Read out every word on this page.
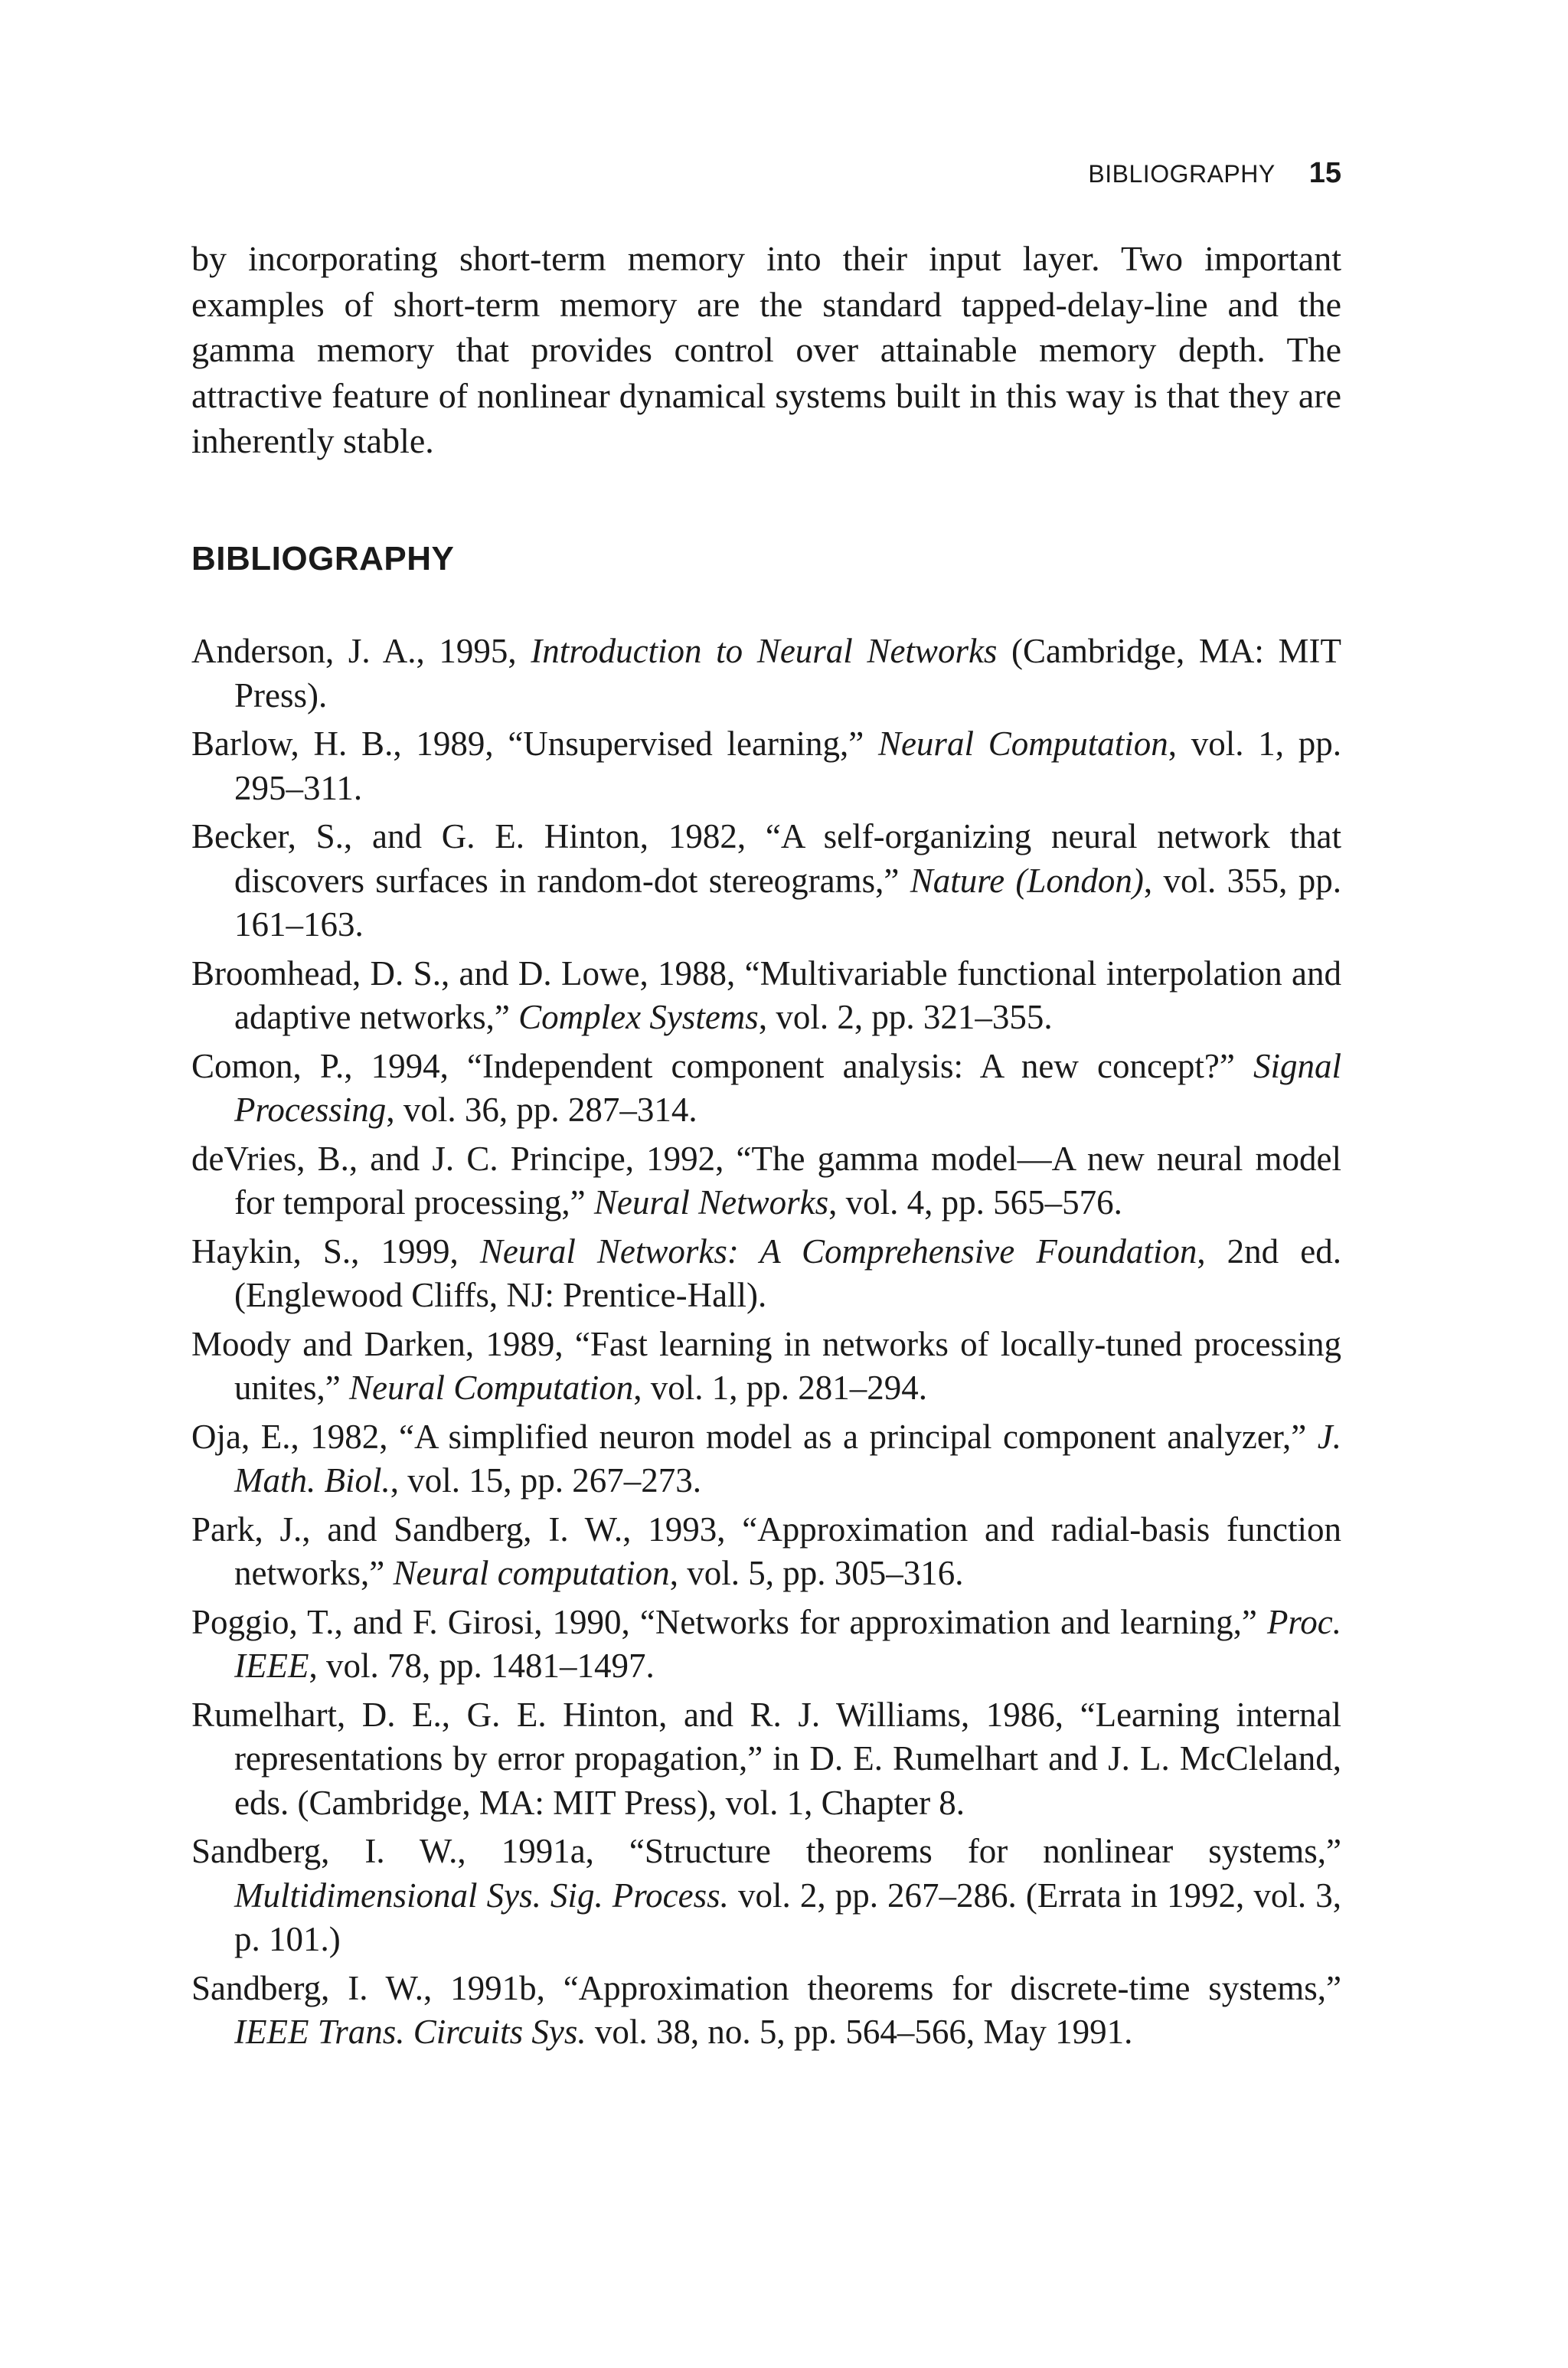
BIBLIOGRAPHY 15

by incorporating short-term memory into their input layer. Two important examples of short-term memory are the standard tapped-delay-line and the gamma memory that provides control over attainable memory depth. The attractive feature of nonlinear dynamical systems built in this way is that they are inherently stable.

BIBLIOGRAPHY
Anderson, J. A., 1995, Introduction to Neural Networks (Cambridge, MA: MIT Press).
Barlow, H. B., 1989, “Unsupervised learning,” Neural Computation, vol. 1, pp. 295–311.
Becker, S., and G. E. Hinton, 1982, “A self-organizing neural network that discovers surfaces in random-dot stereograms,” Nature (London), vol. 355, pp. 161–163.
Broomhead, D. S., and D. Lowe, 1988, “Multivariable functional interpolation and adaptive networks,” Complex Systems, vol. 2, pp. 321–355.
Comon, P., 1994, “Independent component analysis: A new concept?” Signal Processing, vol. 36, pp. 287–314.
deVries, B., and J. C. Principe, 1992, “The gamma model—A new neural model for temporal processing,” Neural Networks, vol. 4, pp. 565–576.
Haykin, S., 1999, Neural Networks: A Comprehensive Foundation, 2nd ed. (Englewood Cliffs, NJ: Prentice-Hall).
Moody and Darken, 1989, “Fast learning in networks of locally-tuned processing unites,” Neural Computation, vol. 1, pp. 281–294.
Oja, E., 1982, “A simplified neuron model as a principal component analyzer,” J. Math. Biol., vol. 15, pp. 267–273.
Park, J., and Sandberg, I. W., 1993, “Approximation and radial-basis function networks,” Neural computation, vol. 5, pp. 305–316.
Poggio, T., and F. Girosi, 1990, “Networks for approximation and learning,” Proc. IEEE, vol. 78, pp. 1481–1497.
Rumelhart, D. E., G. E. Hinton, and R. J. Williams, 1986, “Learning internal representations by error propagation,” in D. E. Rumelhart and J. L. McCleland, eds. (Cambridge, MA: MIT Press), vol. 1, Chapter 8.
Sandberg, I. W., 1991a, “Structure theorems for nonlinear systems,” Multidimensional Sys. Sig. Process. vol. 2, pp. 267–286. (Errata in 1992, vol. 3, p. 101.)
Sandberg, I. W., 1991b, “Approximation theorems for discrete-time systems,” IEEE Trans. Circuits Sys. vol. 38, no. 5, pp. 564–566, May 1991.
